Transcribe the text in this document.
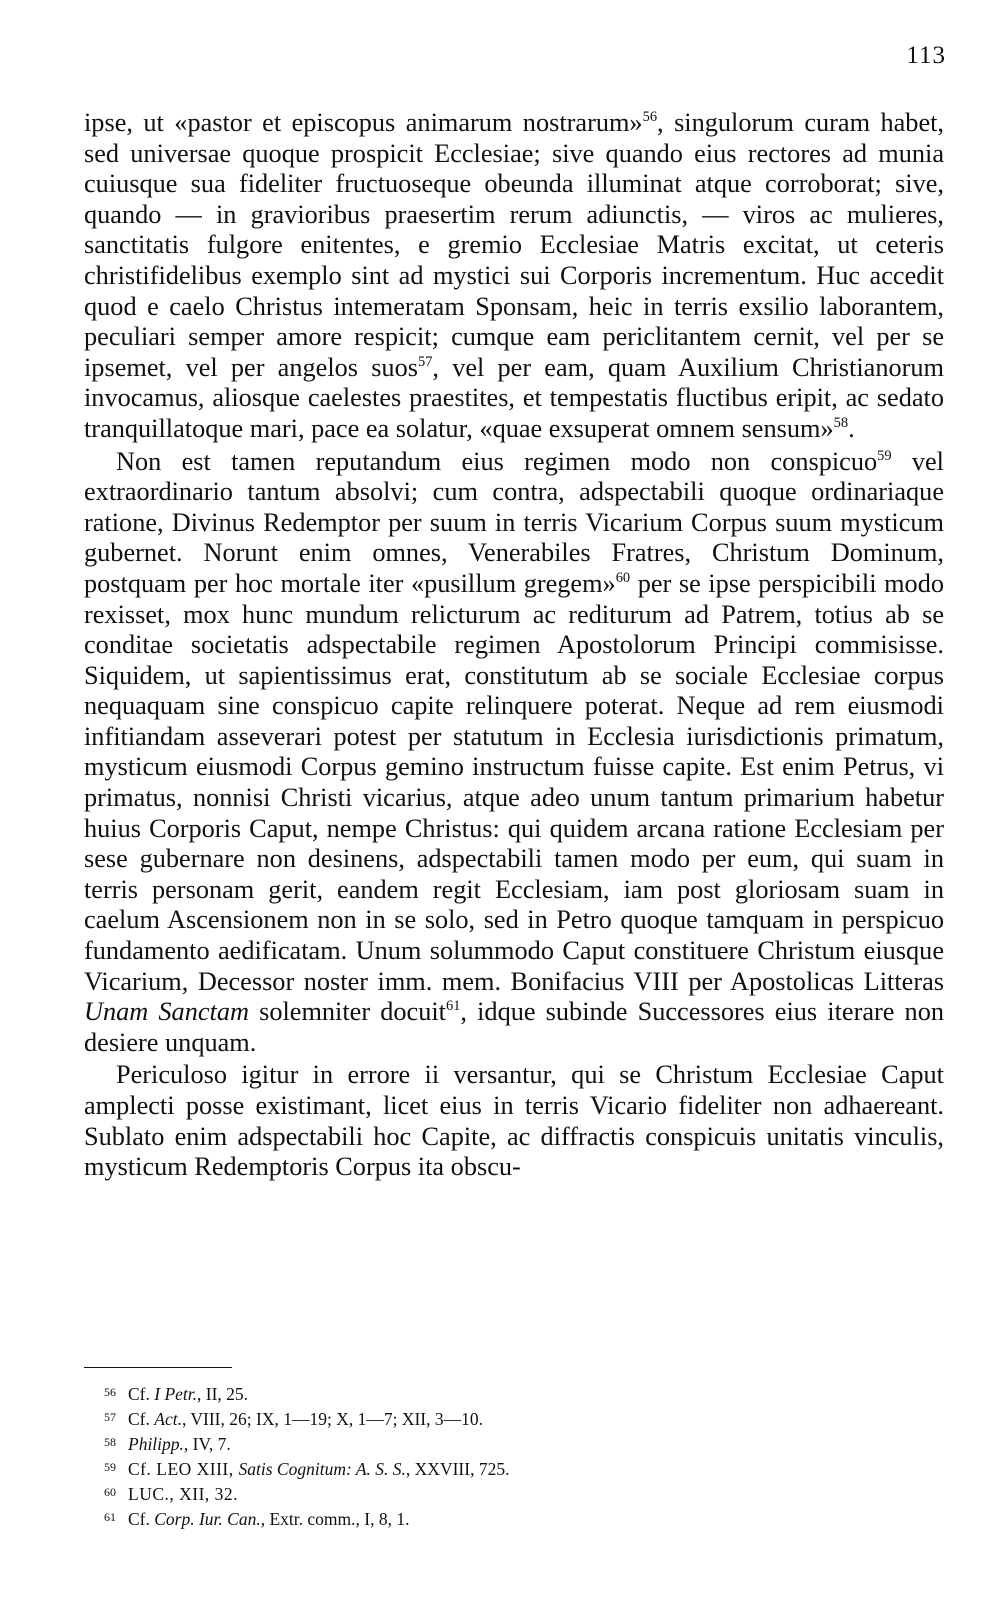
113

ipse, ut «pastor et episcopus animarum nostrarum»$^{56}$, singulorum curam habet, sed universae quoque prospicit Ecclesiae; sive quando eius rectores ad munia cuiusque sua fideliter fructuoseque obeunda illuminat atque corroborat; sive, quando — in gravioribus praesertim rerum adiunctis, — viros ac mulieres, sanctitatis fulgore enitentes, e gremio Ecclesiae Matris excitat, ut ceteris christifidelibus exemplo sint ad mystici sui Corporis incrementum. Huc accedit quod e caelo Christus intemeratam Sponsam, heic in terris exsilio laborantem, peculiari semper amore respicit; cumque eam periclitantem cernit, vel per se ipsemet, vel per angelos suos$^{57}$, vel per eam, quam Auxilium Christianorum invocamus, aliosque caelestes praestites, et tempestatis fluctibus eripit, ac sedato tranquillatoque mari, pace ea solatur, «quae exsuperat omnem sensum»$^{58}$.

Non est tamen reputandum eius regimen modo non conspicuo$^{59}$ vel extraordinario tantum absolvi; cum contra, adspectabili quoque ordinariaque ratione, Divinus Redemptor per suum in terris Vicarium Corpus suum mysticum gubernet. Norunt enim omnes, Venerabiles Fratres, Christum Dominum, postquam per hoc mortale iter «pusillum gregem»$^{60}$ per se ipse perspicibili modo rexisset, mox hunc mundum relicturum ac rediturum ad Patrem, totius ab se conditae societatis adspectabile regimen Apostolorum Principi commisisse. Siquidem, ut sapientissimus erat, constitutum ab se sociale Ecclesiae corpus nequaquam sine conspicuo capite relinquere poterat. Neque ad rem eiusmodi infitiandam asseverari potest per statutum in Ecclesia iurisdictionis primatum, mysticum eiusmodi Corpus gemino instructum fuisse capite. Est enim Petrus, vi primatus, nonnisi Christi vicarius, atque adeo unum tantum primarium habetur huius Corporis Caput, nempe Christus: qui quidem arcana ratione Ecclesiam per sese gubernare non desinens, adspectabili tamen modo per eum, qui suam in terris personam gerit, eandem regit Ecclesiam, iam post gloriosam suam in caelum Ascensionem non in se solo, sed in Petro quoque tamquam in perspicuo fundamento aedificatam. Unum solummodo Caput constituere Christum eiusque Vicarium, Decessor noster imm. mem. Bonifacius VIII per Apostolicas Litteras Unam Sanctam solemniter docuit$^{61}$, idque subinde Successores eius iterare non desiere unquam.

Periculoso igitur in errore ii versantur, qui se Christum Ecclesiae Caput amplecti posse existimant, licet eius in terris Vicario fideliter non adhaereant. Sublato enim adspectabili hoc Capite, ac diffractis conspicuis unitatis vinculis, mysticum Redemptoris Corpus ita obscu-

56 Cf. I Petr., II, 25.
57 Cf. Act., VIII, 26; IX, 1—19; X, 1—7; XII, 3—10.
58 Philipp., IV, 7.
59 Cf. LEO XIII, Satis Cognitum: A. S. S., XXVIII, 725.
60 LUC., XII, 32.
61 Cf. Corp. Iur. Can., Extr. comm., I, 8, 1.
